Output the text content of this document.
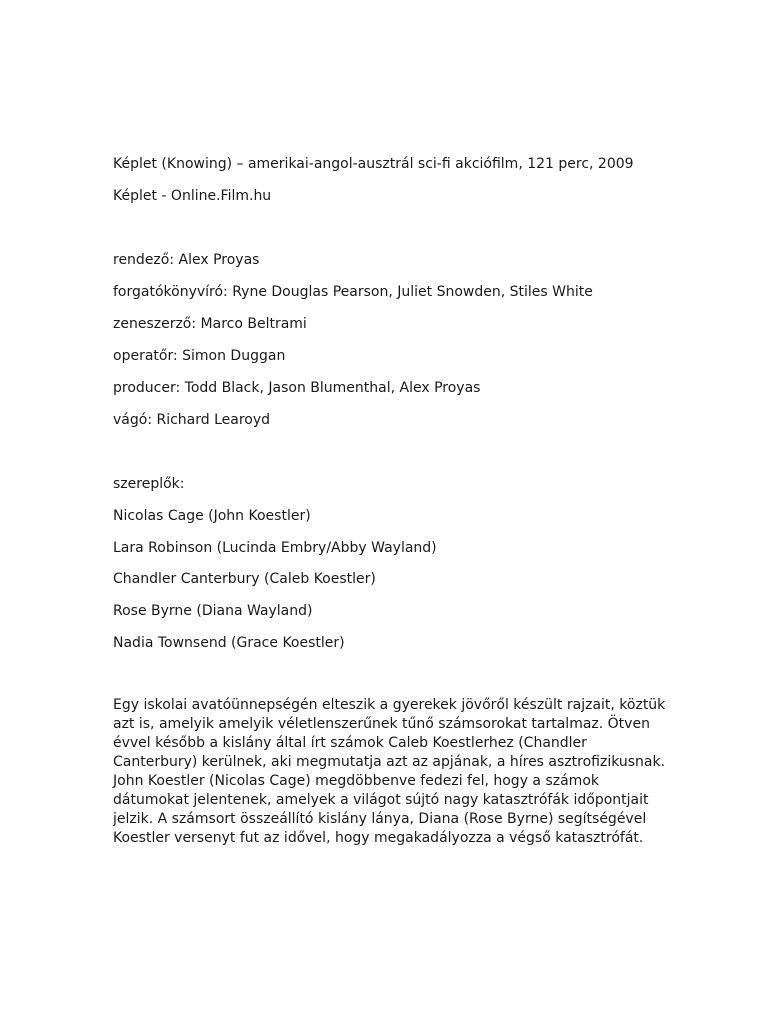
Képlet (Knowing) – amerikai-angol-ausztrál sci-fi akciófilm, 121 perc, 2009
Képlet - Online.Film.hu
rendező: Alex Proyas
forgatókönyvíró: Ryne Douglas Pearson, Juliet Snowden, Stiles White
zeneszerző: Marco Beltrami
operatőr: Simon Duggan
producer: Todd Black, Jason Blumenthal, Alex Proyas
vágó: Richard Learoyd
szereplők:
Nicolas Cage (John Koestler)
Lara Robinson (Lucinda Embry/Abby Wayland)
Chandler Canterbury (Caleb Koestler)
Rose Byrne (Diana Wayland)
Nadia Townsend (Grace Koestler)

Egy iskolai avatóünnepségén elteszik a gyerekek jövőről készült rajzait, köztük azt is, amelyik amelyik véletlenszerűnek tűnő számsorokat tartalmaz. Ötven évvel később a kislány által írt számok Caleb Koestlerhez (Chandler Canterbury) kerülnek, aki megmutatja azt az apjának, a híres asztrofizikusnak. John Koestler (Nicolas Cage) megdöbbenve fedezi fel, hogy a számok dátumokat jelentenek, amelyek a világot sújtó nagy katasztrófák időpontjait jelzik. A számsort összeállító kislány lánya, Diana (Rose Byrne) segítségével Koestler versenyt fut az idővel, hogy megakadályozza a végső katasztrófát.
